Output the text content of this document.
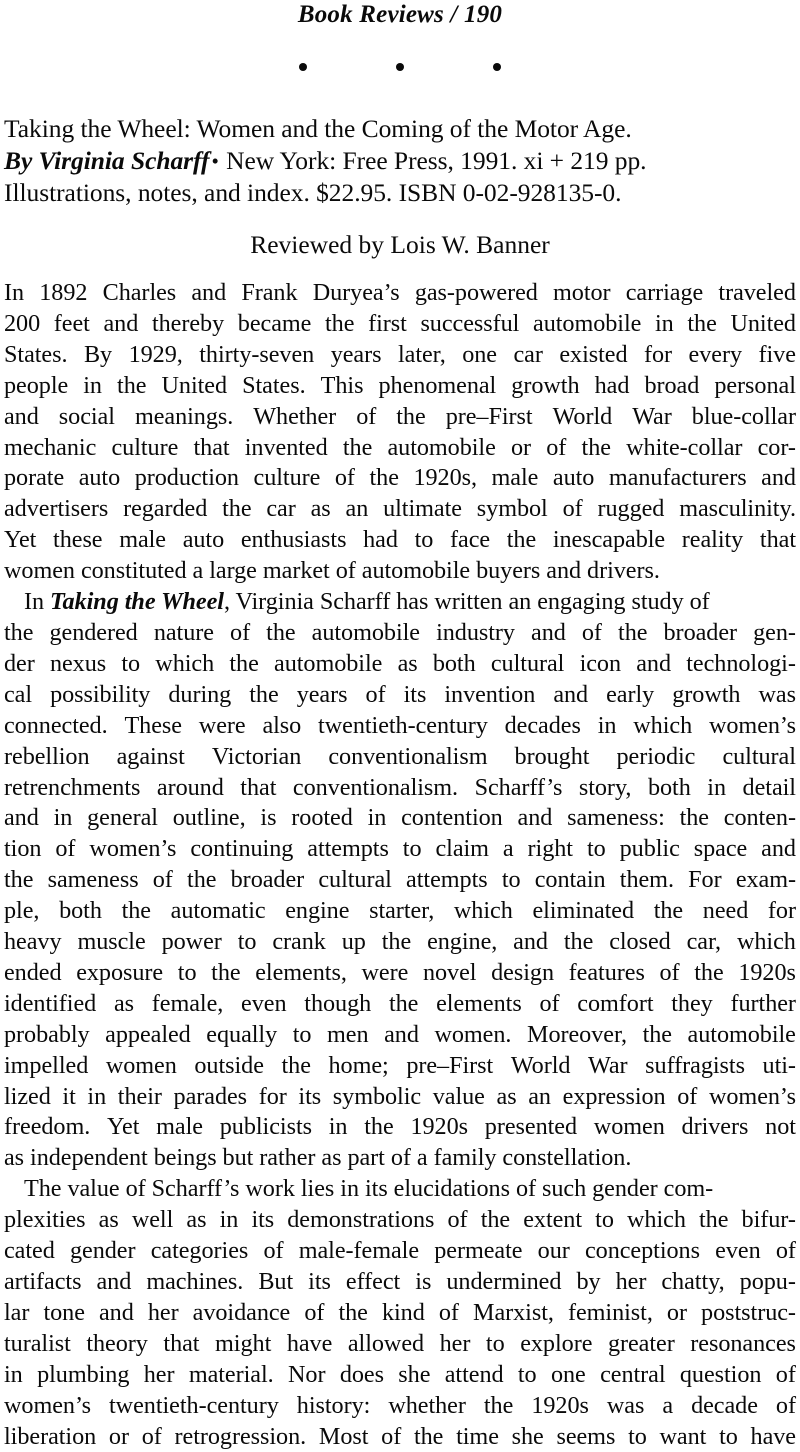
Book Reviews / 190
Taking the Wheel: Women and the Coming of the Motor Age.
By Virginia Scharff• New York: Free Press, 1991. xi + 219 pp.
Illustrations, notes, and index. $22.95. ISBN 0-02-928135-0.
Reviewed by Lois W. Banner

In 1892 Charles and Frank Duryea’s gas-powered motor carriage traveled
200 feet and thereby became the first successful automobile in the United
States. By 1929, thirty-seven years later, one car existed for every five
people in the United States. This phenomenal growth had broad personal
and social meanings. Whether of the pre–First World War blue-collar
mechanic culture that invented the automobile or of the white-collar cor-
porate auto production culture of the 1920s, male auto manufacturers and
advertisers regarded the car as an ultimate symbol of rugged masculinity.
Yet these male auto enthusiasts had to face the inescapable reality that
women constituted a large market of automobile buyers and drivers.

In Taking the Wheel, Virginia Scharff has written an engaging study of
the gendered nature of the automobile industry and of the broader gen-
der nexus to which the automobile as both cultural icon and technologi-
cal possibility during the years of its invention and early growth was
connected. These were also twentieth-century decades in which women’s
rebellion against Victorian conventionalism brought periodic cultural
retrenchments around that conventionalism. Scharff’s story, both in detail
and in general outline, is rooted in contention and sameness: the conten-
tion of women’s continuing attempts to claim a right to public space and
the sameness of the broader cultural attempts to contain them. For exam-
ple, both the automatic engine starter, which eliminated the need for
heavy muscle power to crank up the engine, and the closed car, which
ended exposure to the elements, were novel design features of the 1920s
identified as female, even though the elements of comfort they further
probably appealed equally to men and women. Moreover, the automobile
impelled women outside the home; pre–First World War suffragists uti-
lized it in their parades for its symbolic value as an expression of women’s
freedom. Yet male publicists in the 1920s presented women drivers not
as independent beings but rather as part of a family constellation.

The value of Scharff’s work lies in its elucidations of such gender com-
plexities as well as in its demonstrations of the extent to which the bifur-
cated gender categories of male-female permeate our conceptions even of
artifacts and machines. But its effect is undermined by her chatty, popu-
lar tone and her avoidance of the kind of Marxist, feminist, or poststruc-
turalist theory that might have allowed her to explore greater resonances
in plumbing her material. Nor does she attend to one central question of
women’s twentieth-century history: whether the 1920s was a decade of
liberation or of retrogression. Most of the time she seems to want to have
